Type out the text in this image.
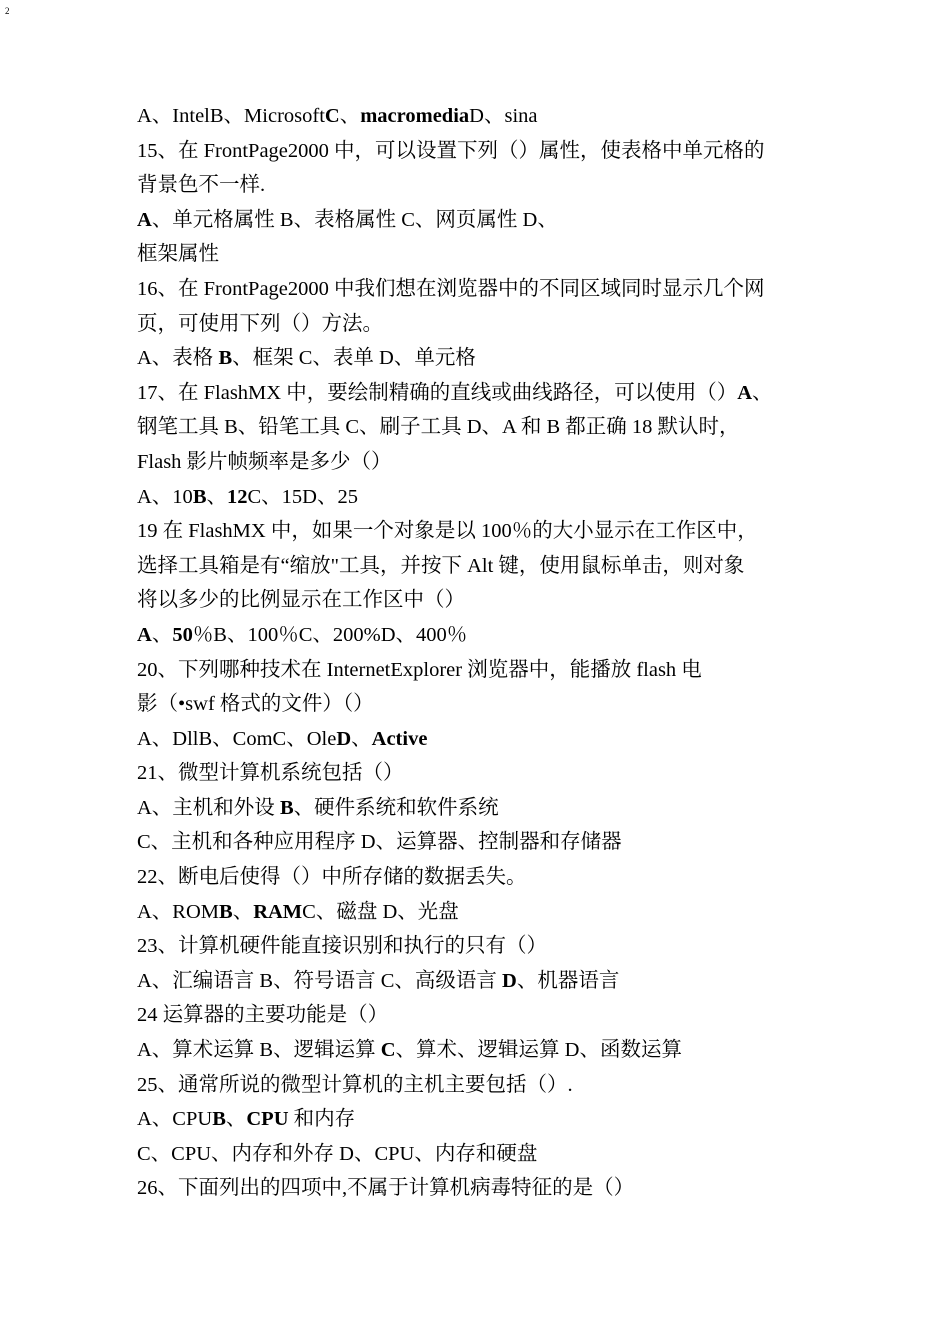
2
A、IntelB、MicrosoftC、macromediaD、sina
15、在 FrontPage2000 中，可以设置下列（）属性，使表格中单元格的
背景色不一样.
A、单元格属性 B、表格属性 C、网页属性 D、
框架属性
16、在 FrontPage2000 中我们想在浏览器中的不同区域同时显示几个网
页，可使用下列（）方法。
A、表格 B、框架 C、表单 D、单元格
17、在 FlashMX 中，要绘制精确的直线或曲线路径，可以使用（）A、
钢笔工具 B、铅笔工具 C、刷子工具 D、A 和 B 都正确 18 默认时，
Flash 影片帧频率是多少（）
A、10B、12C、15D、25
19 在 FlashMX 中，如果一个对象是以 100％的大小显示在工作区中，
选择工具箱是有“缩放"工具，并按下 Alt 键，使用鼠标单击，则对象
将以多少的比例显示在工作区中（）
A、50％B、100％C、200%D、400％
20、下列哪种技术在 InternetExplorer 浏览器中，能播放 flash 电
影（•swf 格式的文件）（）
A、DllB、ComC、OleD、Active
21、微型计算机系统包括（）
A、主机和外设 B、硬件系统和软件系统
C、主机和各种应用程序 D、运算器、控制器和存储器
22、断电后使得（）中所存储的数据丢失。
A、ROMB、RAMC、磁盘 D、光盘
23、计算机硬件能直接识别和执行的只有（）
A、汇编语言 B、符号语言 C、高级语言 D、机器语言
24 运算器的主要功能是（）
A、算术运算 B、逻辑运算 C、算术、逻辑运算 D、函数运算
25、通常所说的微型计算机的主机主要包括（）.
A、CPUB、CPU 和内存
C、CPU、内存和外存 D、CPU、内存和硬盘
26、下面列出的四项中,不属于计算机病毒特征的是（）
